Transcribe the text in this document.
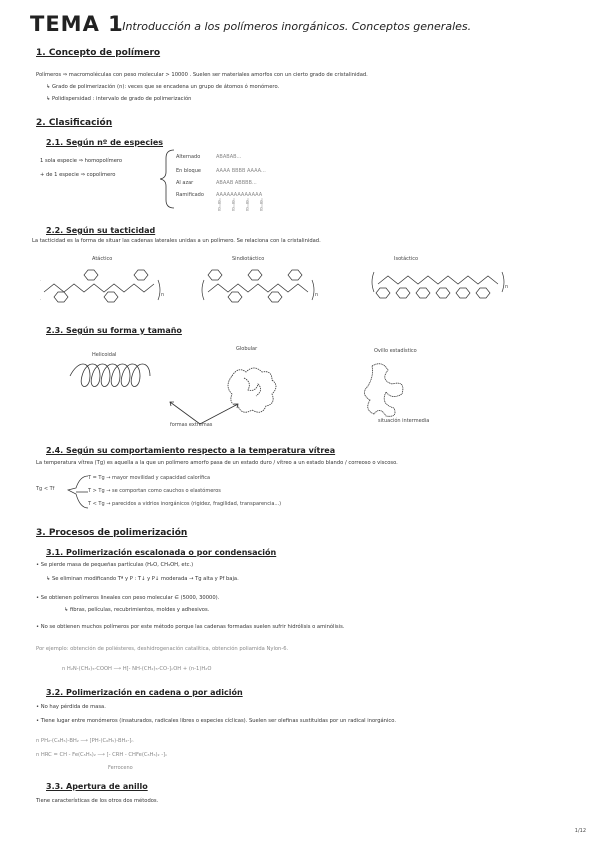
TEMA 1
: Introducción a los polímeros inorgánicos. Conceptos generales.
1. Concepto de polímero
Polímeros ⇒ macromoléculas con peso molecular > 10000 . Suelen ser materiales amorfos con un cierto grado de cristalinidad.
↳ Grado de polimerización (n): veces que se encadena un grupo de átomos ó monómero.
↳ Polidispersidad : intervalo de grado de polimerización
2. Clasificación
2.1. Según nº de especies
1 sola especie ⇒ homopolímero
+ de 1 especie ⇒ copolímero
Alternado	ABABAB...
En bloque	AAAA BBBB AAAA...
Al azar	ABAAB ABBBB...
Ramificado AAAAAAAAAAAAA
B	B	B	B
B	B	B	B
2.2. Según su tacticidad
La tacticidad es la forma de situar las cadenas laterales unidas a un polímero. Se relaciona con la cristalinidad.
Atáctico	Sindiotáctico	Isotáctico
n	n
n
2.3. Según su forma y tamaño
Helicoidal
Globular	Ovillo estadístico
formas extremas
situación intermedia
2.4. Según su comportamiento respecto a la temperatura vítrea
La temperatura vítrea (Tg) es aquella a la que un polímero amorfo pasa de un estado duro / vítreo a un estado blando / correoso o viscoso.
Tg < Tf
T = Tg → mayor movilidad y capacidad calorífica
T > Tg → se comportan como cauchos o elastómeros
T < Tg → parecidos a vidrios inorgánicos (rigidez, fragilidad, transparencia...)
3. Procesos de polimerización
3.1. Polimerización escalonada o por condensación
• Se pierde masa de pequeñas partículas (H₂O, CH₃OH, etc.)
↳ Se eliminan modificando Tª y P : T↓ y P↓ moderada → Tg alta y Pf baja.
• Se obtienen polímeros lineales con peso molecular ∈ (5000, 30000).
↳ fibras, películas, recubrimientos, moldes y adhesivos.
• No se obtienen muchos polímeros por este método porque las cadenas formadas suelen sufrir hidrólisis o aminólisis.
Por ejemplo: obtención de poliésteres, deshidrogenación catalítica, obtención poliamida Nylon-6.
n H₂N-(CH₂)₅-COOH ⟶ H[- NH-(CH₂)₅-CO-]ₙOH + (n-1)H₂O
3.2. Polimerización en cadena o por adición
• No hay pérdida de masa.
• Tiene lugar entre monómeros (insaturados, radicales libres o especies cíclicas). Suelen ser olefinas sustituidas por un radical inorgánico.
n PH₂-(C₆H₅)-BH₂ ⟶ [PH-(C₆H₅)-BH₂-]ₙ
n HRC = CH - Fe(C₅H₅)₂ ⟶ [- CRH - CHFe(C₅H₅)₂ -]ₙ
Ferroceno
3.3. Apertura de anillo
Tiene características de los otros dos métodos.
1/12
